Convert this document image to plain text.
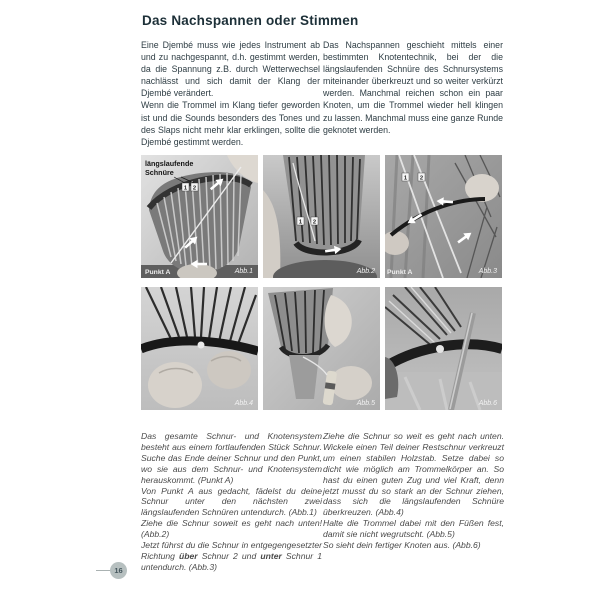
Das Nachspannen oder Stimmen
Eine Djembé muss wie jedes Instrument ab und zu nachgespannt, d.h. gestimmt werden, da die Spannung z.B. durch Wetterwechsel nachlässt und sich damit der Klang der Djembé verändert.
Wenn die Trommel im Klang tiefer geworden ist und die Sounds besonders des Tones und des Slaps nicht mehr klar erklingen, sollte die Djembé gestimmt werden.
Das Nachspannen geschieht mittels einer bestimmten Knotentechnik, bei der die längslaufenden Schnüre des Schnursystems miteinander überkreuzt und so weiter verkürzt werden. Manchmal reichen schon ein paar Knoten, um die Trommel wieder hell klingen zu lassen. Manchmal muss eine ganze Runde geknotet werden.
1 2
längslaufende
Schnüre
Punkt A	Abb.1
1 2
Abb.2
1 2
Punkt A	Abb.3
Abb.4	Abb.5	Abb.6
Das gesamte Schnur- und Knotensystem besteht aus einem fortlaufenden Stück Schnur. Suche das Ende deiner Schnur und den Punkt, wo sie aus dem Schnur- und Knotensystem herauskommt. (Punkt A)
Von Punkt A aus gedacht, fädelst du deine Schnur unter den nächsten zwei längslaufenden Schnüren untendurch. (Abb.1)
Ziehe die Schnur soweit es geht nach unten! (Abb.2)
Jetzt führst du die Schnur in entgegengesetzter Richtung über Schnur 2 und unter Schnur 1 untendurch. (Abb.3)
Ziehe die Schnur so weit es geht nach unten. Wickele einen Teil deiner Restschnur verkreuzt um einen stabilen Holzstab. Setze dabei so dicht wie möglich am Trommelkörper an. So hast du einen guten Zug und viel Kraft, denn jetzt musst du so stark an der Schnur ziehen, dass sich die längslaufenden Schnüre überkreuzen. (Abb.4)
Halte die Trommel dabei mit den Füßen fest, damit sie nicht wegrutscht. (Abb.5)
So sieht dein fertiger Knoten aus. (Abb.6)
16
